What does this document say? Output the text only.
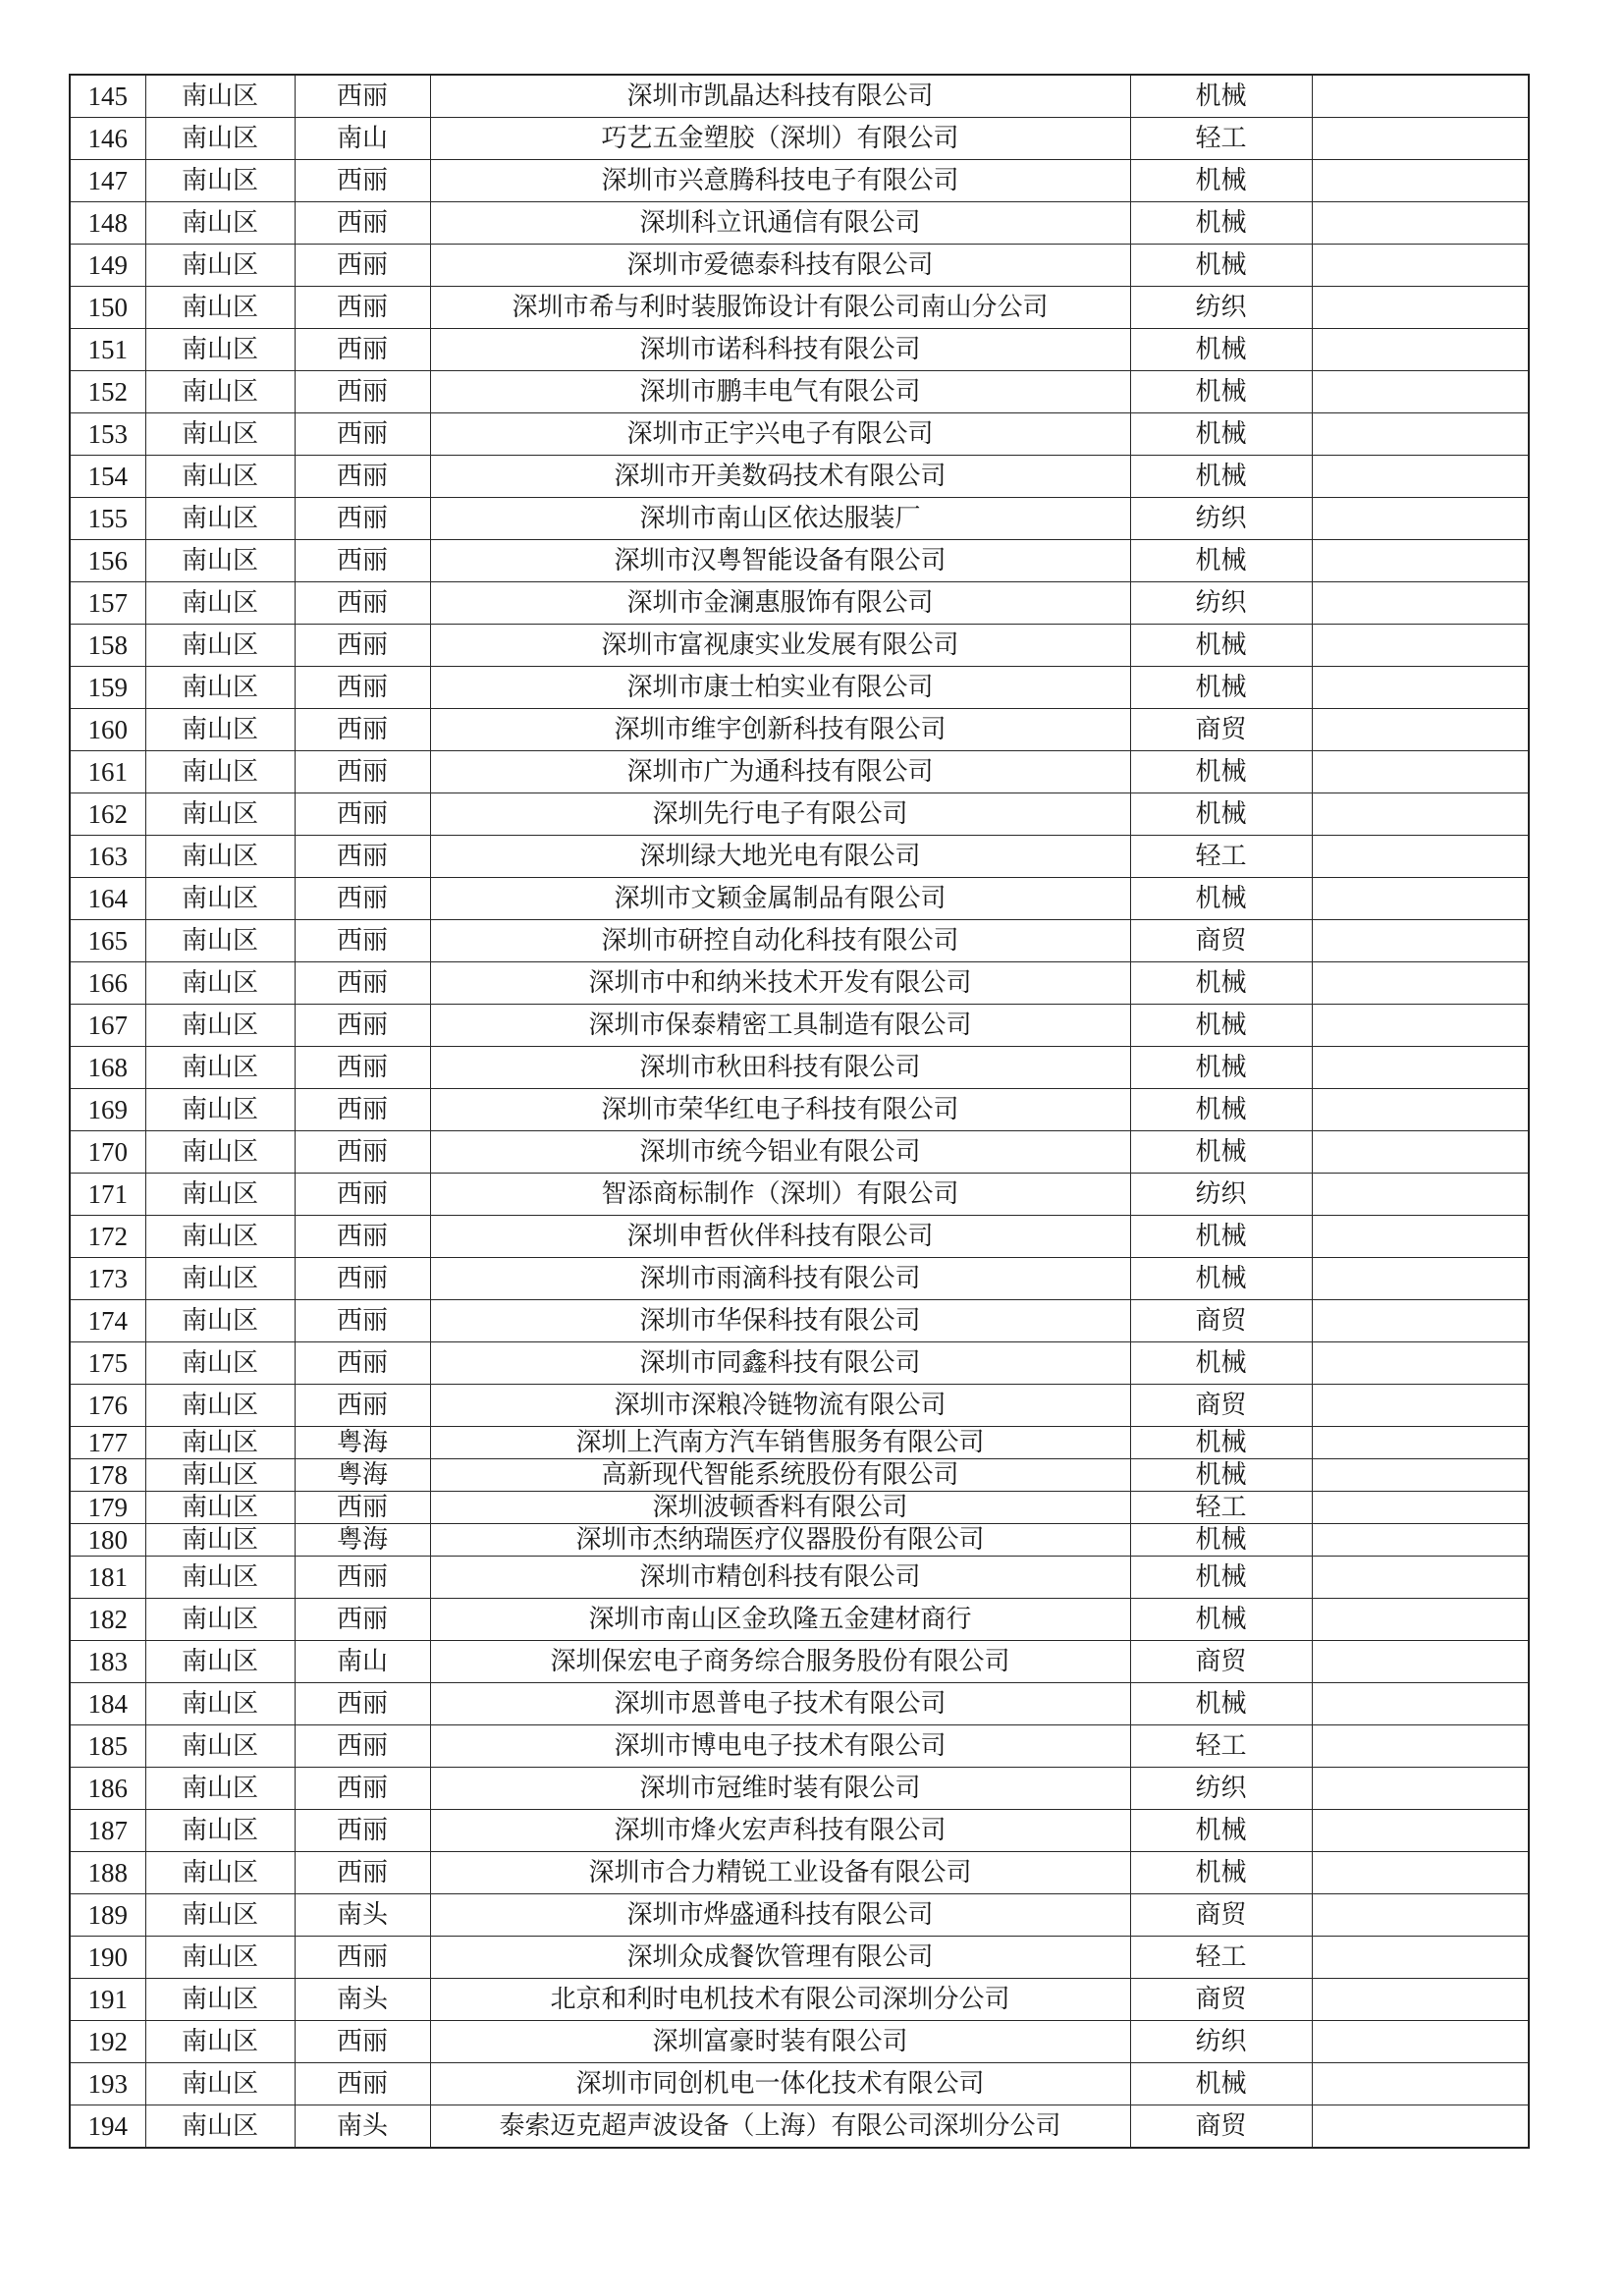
145	南山区	西丽	深圳市凯晶达科技有限公司	机械	
146	南山区	南山	巧艺五金塑胶（深圳）有限公司	轻工	
147	南山区	西丽	深圳市兴意腾科技电子有限公司	机械	
148	南山区	西丽	深圳科立讯通信有限公司	机械	
149	南山区	西丽	深圳市爱德泰科技有限公司	机械	
150	南山区	西丽	深圳市希与利时装服饰设计有限公司南山分公司	纺织	
151	南山区	西丽	深圳市诺科科技有限公司	机械	
152	南山区	西丽	深圳市鹏丰电气有限公司	机械	
153	南山区	西丽	深圳市正宇兴电子有限公司	机械	
154	南山区	西丽	深圳市开美数码技术有限公司	机械	
155	南山区	西丽	深圳市南山区依达服装厂	纺织	
156	南山区	西丽	深圳市汉粤智能设备有限公司	机械	
157	南山区	西丽	深圳市金澜惠服饰有限公司	纺织	
158	南山区	西丽	深圳市富视康实业发展有限公司	机械	
159	南山区	西丽	深圳市康士柏实业有限公司	机械	
160	南山区	西丽	深圳市维宇创新科技有限公司	商贸	
161	南山区	西丽	深圳市广为通科技有限公司	机械	
162	南山区	西丽	深圳先行电子有限公司	机械	
163	南山区	西丽	深圳绿大地光电有限公司	轻工	
164	南山区	西丽	深圳市文颖金属制品有限公司	机械	
165	南山区	西丽	深圳市研控自动化科技有限公司	商贸	
166	南山区	西丽	深圳市中和纳米技术开发有限公司	机械	
167	南山区	西丽	深圳市保泰精密工具制造有限公司	机械	
168	南山区	西丽	深圳市秋田科技有限公司	机械	
169	南山区	西丽	深圳市荣华红电子科技有限公司	机械	
170	南山区	西丽	深圳市统今铝业有限公司	机械	
171	南山区	西丽	智添商标制作（深圳）有限公司	纺织	
172	南山区	西丽	深圳申哲伙伴科技有限公司	机械	
173	南山区	西丽	深圳市雨滴科技有限公司	机械	
174	南山区	西丽	深圳市华保科技有限公司	商贸	
175	南山区	西丽	深圳市同鑫科技有限公司	机械	
176	南山区	西丽	深圳市深粮冷链物流有限公司	商贸	
177	南山区	粤海	深圳上汽南方汽车销售服务有限公司	机械	
178	南山区	粤海	高新现代智能系统股份有限公司	机械	
179	南山区	西丽	深圳波顿香料有限公司	轻工	
180	南山区	粤海	深圳市杰纳瑞医疗仪器股份有限公司	机械	
181	南山区	西丽	深圳市精创科技有限公司	机械	
182	南山区	西丽	深圳市南山区金玖隆五金建材商行	机械	
183	南山区	南山	深圳保宏电子商务综合服务股份有限公司	商贸	
184	南山区	西丽	深圳市恩普电子技术有限公司	机械	
185	南山区	西丽	深圳市博电电子技术有限公司	轻工	
186	南山区	西丽	深圳市冠维时装有限公司	纺织	
187	南山区	西丽	深圳市烽火宏声科技有限公司	机械	
188	南山区	西丽	深圳市合力精锐工业设备有限公司	机械	
189	南山区	南头	深圳市烨盛通科技有限公司	商贸	
190	南山区	西丽	深圳众成餐饮管理有限公司	轻工	
191	南山区	南头	北京和利时电机技术有限公司深圳分公司	商贸	
192	南山区	西丽	深圳富豪时装有限公司	纺织	
193	南山区	西丽	深圳市同创机电一体化技术有限公司	机械	
194	南山区	南头	泰索迈克超声波设备（上海）有限公司深圳分公司	商贸	
